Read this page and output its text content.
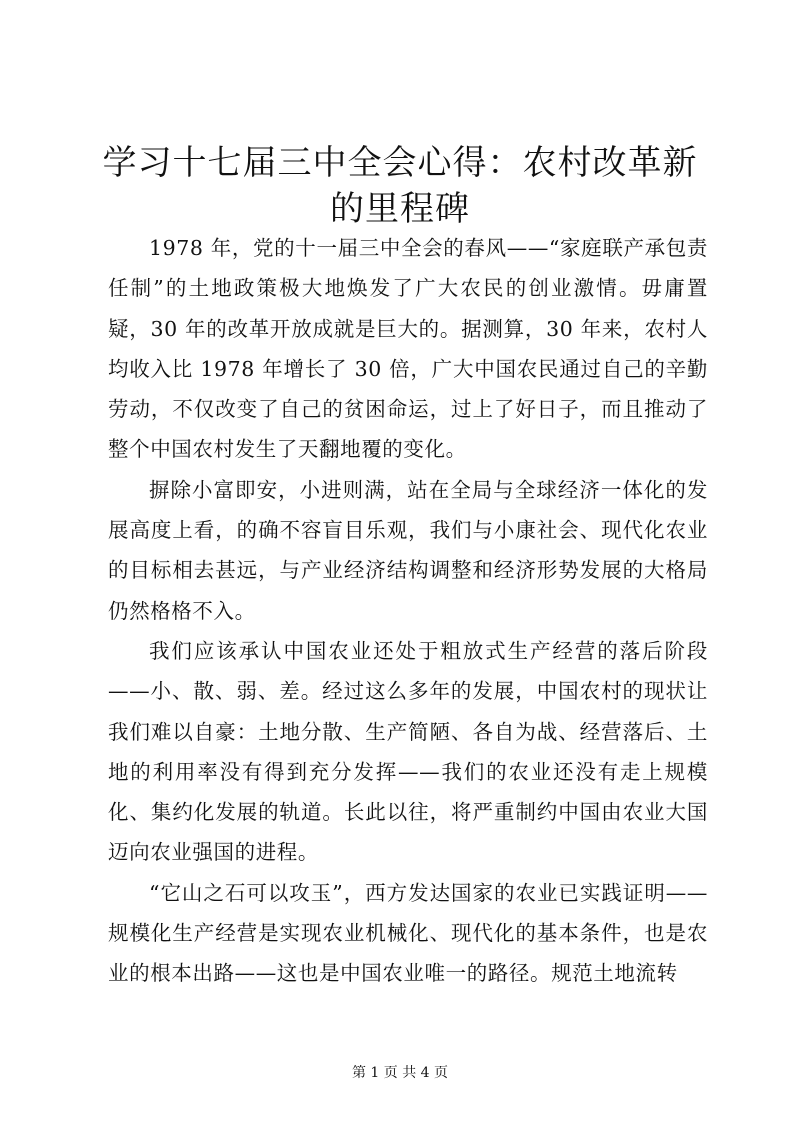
学习十七届三中全会心得：农村改革新的里程碑

1978 年，党的十一届三中全会的春风——“家庭联产承包责任制”的土地政策极大地焕发了广大农民的创业激情。毋庸置疑，30 年的改革开放成就是巨大的。据测算，30 年来，农村人均收入比 1978 年增长了 30 倍，广大中国农民通过自己的辛勤劳动，不仅改变了自己的贫困命运，过上了好日子，而且推动了整个中国农村发生了天翻地覆的变化。

摒除小富即安，小进则满，站在全局与全球经济一体化的发展高度上看，的确不容盲目乐观，我们与小康社会、现代化农业的目标相去甚远，与产业经济结构调整和经济形势发展的大格局仍然格格不入。

我们应该承认中国农业还处于粗放式生产经营的落后阶段——小、散、弱、差。经过这么多年的发展，中国农村的现状让我们难以自豪：土地分散、生产简陋、各自为战、经营落后、土地的利用率没有得到充分发挥——我们的农业还没有走上规模化、集约化发展的轨道。长此以往，将严重制约中国由农业大国迈向农业强国的进程。

“它山之石可以攻玉”，西方发达国家的农业已实践证明——规模化生产经营是实现农业机械化、现代化的基本条件，也是农业的根本出路——这也是中国农业唯一的路径。规范土地流转

第 1 页 共 4 页
